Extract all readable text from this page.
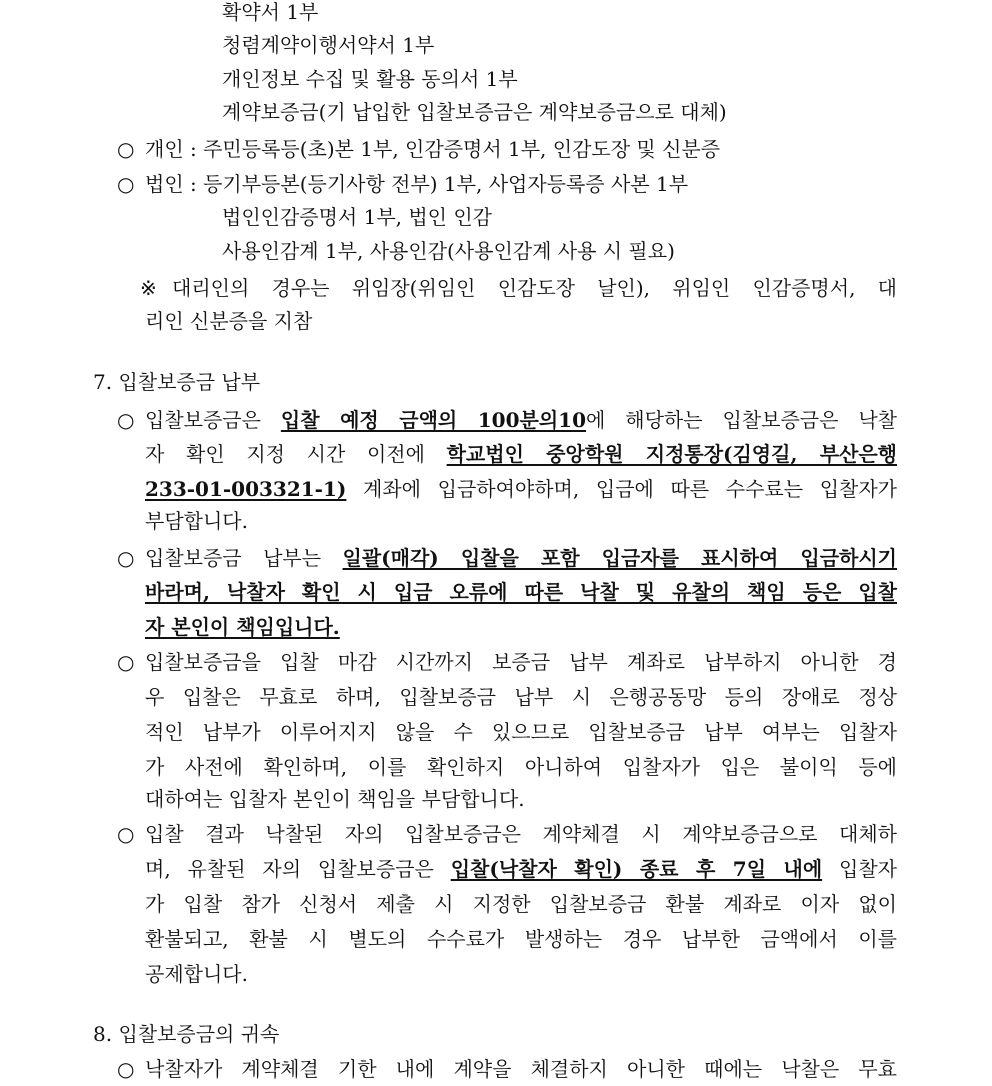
확약서 1부
청렴계약이행서약서 1부
개인정보 수집 및 활용 동의서 1부
계약보증금(기 납입한 입찰보증금은 계약보증금으로 대체)
○ 개인 : 주민등록등(초)본 1부, 인감증명서 1부, 인감도장 및 신분증
○ 법인 : 등기부등본(등기사항 전부) 1부, 사업자등록증 사본 1부
법인인감증명서 1부, 법인 인감
사용인감계 1부, 사용인감(사용인감계 사용 시 필요)
※ 대리인의 경우는 위임장(위임인 인감도장 날인), 위임인 인감증명서, 대
리인 신분증을 지참
7. 입찰보증금 납부
○ 입찰보증금은 입찰 예정 금액의 100분의10에 해당하는 입찰보증금은 낙찰
자 확인 지정 시간 이전에 학교법인 중앙학원 지정통장(김영길, 부산은행
233-01-003321-1) 계좌에 입금하여야하며, 입금에 따른 수수료는 입찰자가
부담합니다.
○ 입찰보증금 납부는 일괄(매각) 입찰을 포함 입금자를 표시하여 입금하시기
바라며, 낙찰자 확인 시 입금 오류에 따른 낙찰 및 유찰의 책임 등은 입찰
자 본인이 책임입니다.
○ 입찰보증금을 입찰 마감 시간까지 보증금 납부 계좌로 납부하지 아니한 경
우 입찰은 무효로 하며, 입찰보증금 납부 시 은행공동망 등의 장애로 정상
적인 납부가 이루어지지 않을 수 있으므로 입찰보증금 납부 여부는 입찰자
가 사전에 확인하며, 이를 확인하지 아니하여 입찰자가 입은 불이익 등에
대하여는 입찰자 본인이 책임을 부담합니다.
○ 입찰 결과 낙찰된 자의 입찰보증금은 계약체결 시 계약보증금으로 대체하
며, 유찰된 자의 입찰보증금은 입찰(낙찰자 확인) 종료 후 7일 내에 입찰자
가 입찰 참가 신청서 제출 시 지정한 입찰보증금 환불 계좌로 이자 없이
환불되고, 환불 시 별도의 수수료가 발생하는 경우 납부한 금액에서 이를
공제합니다.
8. 입찰보증금의 귀속
○ 낙찰자가 계약체결 기한 내에 계약을 체결하지 아니한 때에는 낙찰은 무효
